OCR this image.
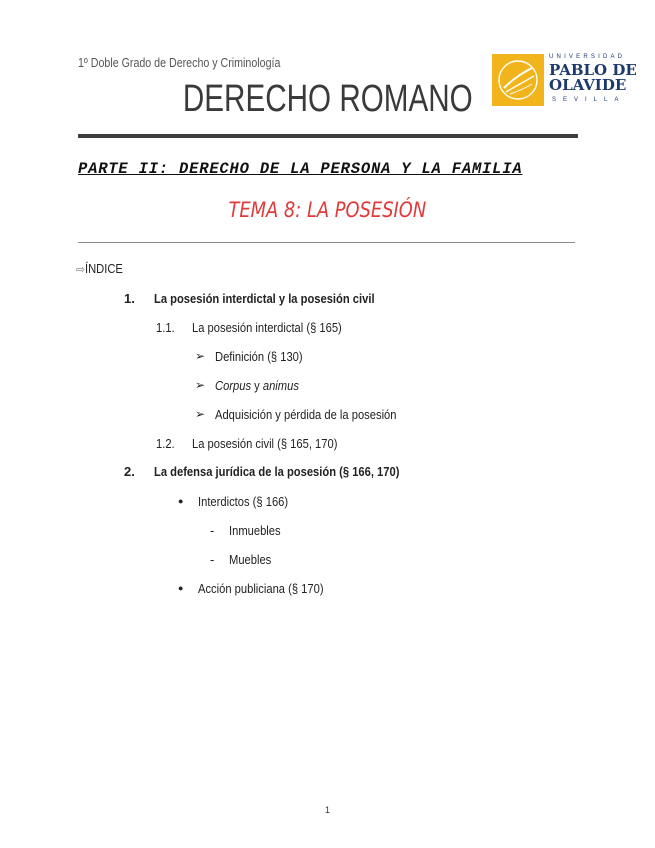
1º Doble Grado de Derecho y Criminología
DERECHO ROMANO
UNIVERSIDAD
PABLO DE
OLAVIDE
SEVILLA
PARTE II: DERECHO DE LA PERSONA Y LA FAMILIA
TEMA 8: LA POSESIÓN
⇨ÍNDICE
1. La posesión interdictal y la posesión civil
1.1. La posesión interdictal (§ 165)
➢ Definición (§ 130)
➢ Corpus y animus
➢ Adquisición y pérdida de la posesión
1.2. La posesión civil (§ 165, 170)
2. La defensa jurídica de la posesión (§ 166, 170)
● Interdictos (§ 166)
- Inmuebles
- Muebles
● Acción publiciana (§ 170)
1
